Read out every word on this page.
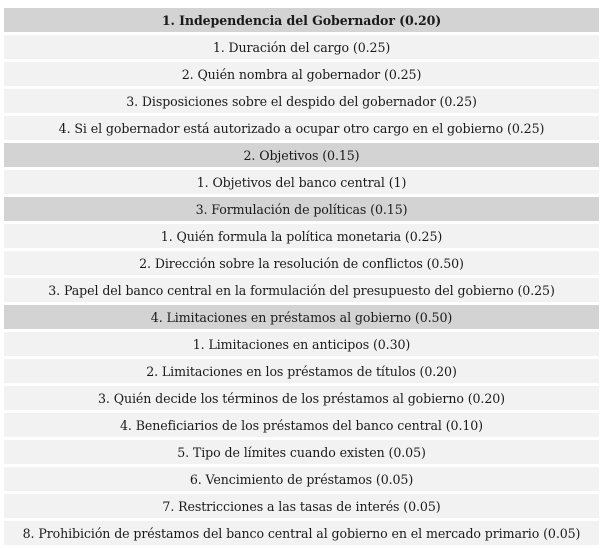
1. Independencia del Gobernador (0.20)
1. Duración del cargo (0.25)
2. Quién nombra al gobernador (0.25)
3. Disposiciones sobre el despido del gobernador (0.25)
4. Si el gobernador está autorizado a ocupar otro cargo en el gobierno (0.25)
2. Objetivos (0.15)
1. Objetivos del banco central (1)
3. Formulación de políticas (0.15)
1. Quién formula la política monetaria (0.25)
2. Dirección sobre la resolución de conflictos (0.50)
3. Papel del banco central en la formulación del presupuesto del gobierno (0.25)
4. Limitaciones en préstamos al gobierno (0.50)
1. Limitaciones en anticipos (0.30)
2. Limitaciones en los préstamos de títulos (0.20)
3. Quién decide los términos de los préstamos al gobierno (0.20)
4. Beneficiarios de los préstamos del banco central (0.10)
5. Tipo de límites cuando existen (0.05)
6. Vencimiento de préstamos (0.05)
7. Restricciones a las tasas de interés (0.05)
8. Prohibición de préstamos del banco central al gobierno en el mercado primario (0.05)
